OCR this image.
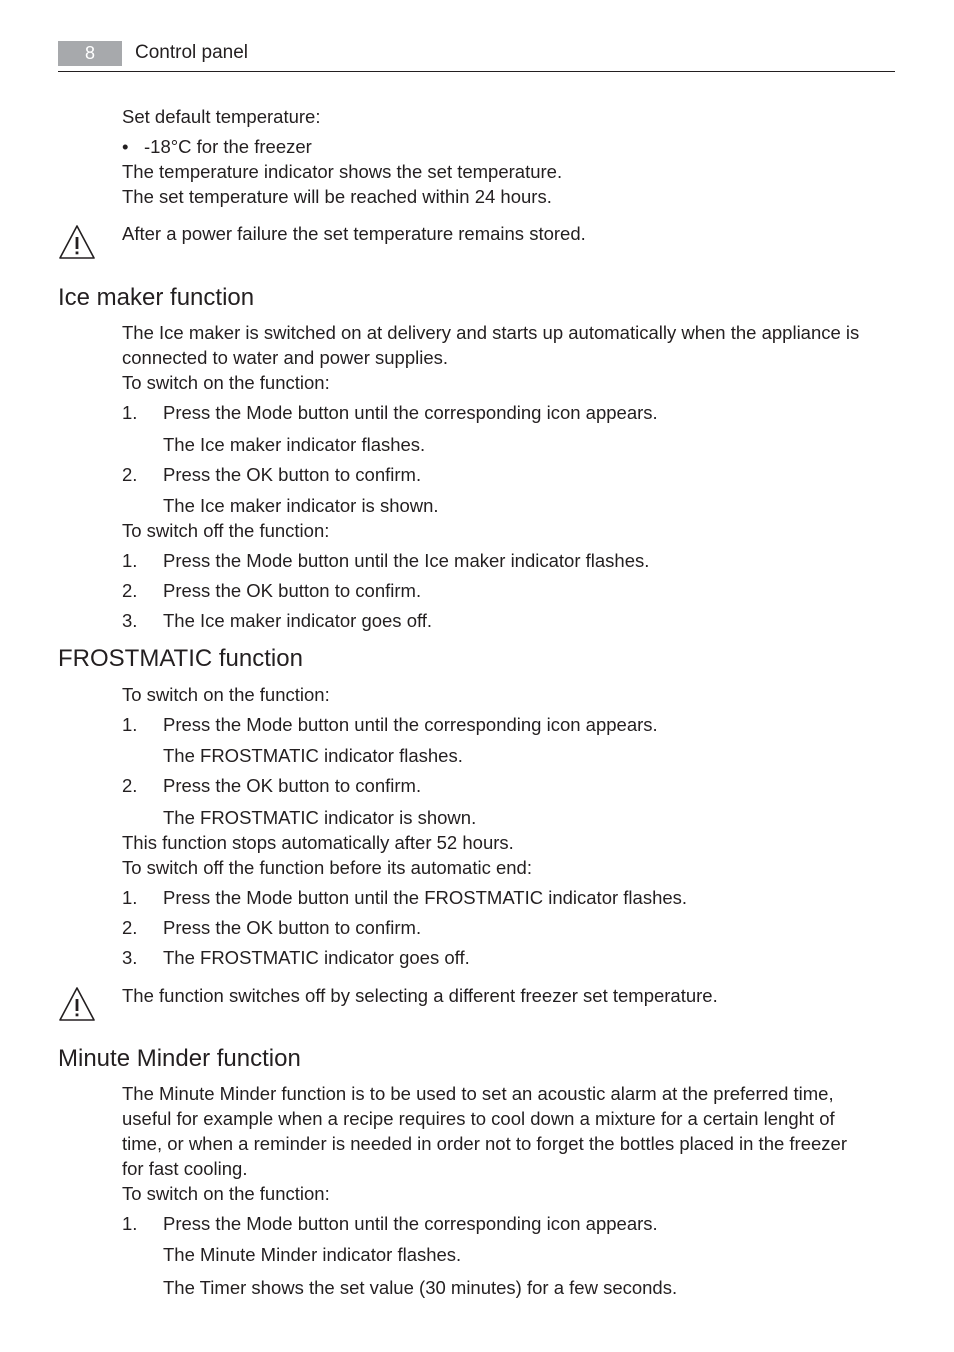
8	Control panel
Set default temperature:
• -18°C for the freezer
The temperature indicator shows the set temperature.
The set temperature will be reached within 24 hours.
After a power failure the set temperature remains stored.
Ice maker function
The Ice maker is switched on at delivery and starts up automatically when the appliance is
connected to water and power supplies.
To switch on the function:
1. Press the Mode button until the corresponding icon appears.
The Ice maker indicator flashes.
2. Press the OK button to confirm.
The Ice maker indicator is shown.
To switch off the function:
1. Press the Mode button until the Ice maker indicator flashes.
2. Press the OK button to confirm.
3. The Ice maker indicator goes off.
FROSTMATIC function
To switch on the function:
1. Press the Mode button until the corresponding icon appears.
The FROSTMATIC indicator flashes.
2. Press the OK button to confirm.
The FROSTMATIC indicator is shown.
This function stops automatically after 52 hours.
To switch off the function before its automatic end:
1. Press the Mode button until the FROSTMATIC indicator flashes.
2. Press the OK button to confirm.
3. The FROSTMATIC indicator goes off.
The function switches off by selecting a different freezer set temperature.
Minute Minder function
The Minute Minder function is to be used to set an acoustic alarm at the preferred time,
useful for example when a recipe requires to cool down a mixture for a certain lenght of
time, or when a reminder is needed in order not to forget the bottles placed in the freezer
for fast cooling.
To switch on the function:
1. Press the Mode button until the corresponding icon appears.
The Minute Minder indicator flashes.
The Timer shows the set value (30 minutes) for a few seconds.
